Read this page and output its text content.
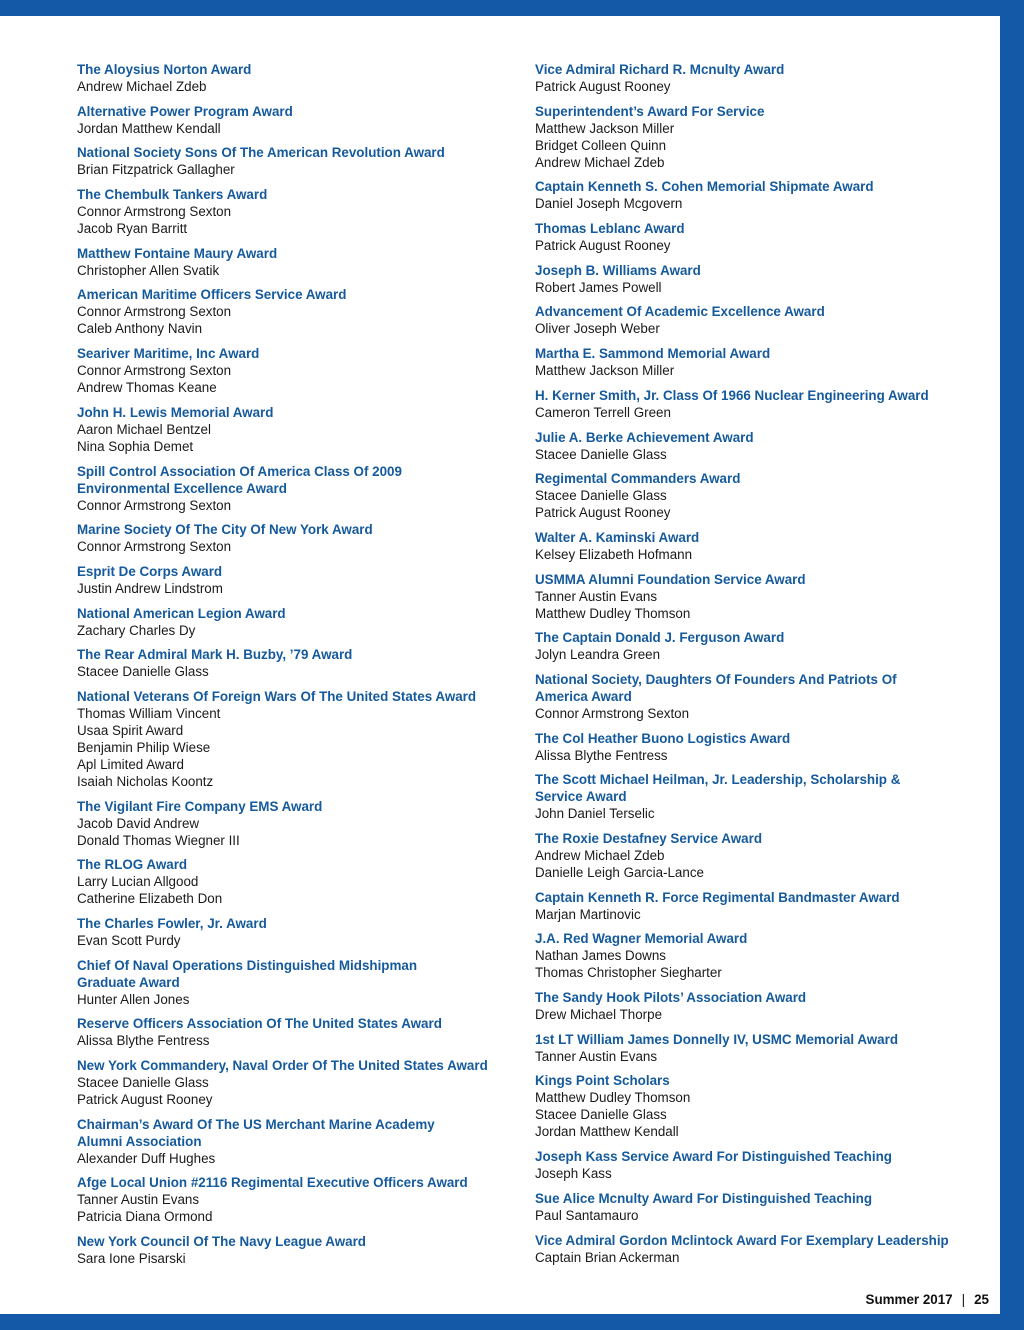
The Aloysius Norton Award
Andrew Michael Zdeb
Alternative Power Program Award
Jordan Matthew Kendall
National Society Sons Of The American Revolution Award
Brian Fitzpatrick Gallagher
The Chembulk Tankers Award
Connor Armstrong Sexton
Jacob Ryan Barritt
Matthew Fontaine Maury Award
Christopher Allen Svatik
American Maritime Officers Service Award
Connor Armstrong Sexton
Caleb Anthony Navin
Seariver Maritime, Inc Award
Connor Armstrong Sexton
Andrew Thomas Keane
John H. Lewis Memorial Award
Aaron Michael Bentzel
Nina Sophia Demet
Spill Control Association Of America Class Of 2009
Environmental Excellence Award
Connor Armstrong Sexton
Marine Society Of The City Of New York Award
Connor Armstrong Sexton
Esprit De Corps Award
Justin Andrew Lindstrom
National American Legion Award
Zachary Charles Dy
The Rear Admiral Mark H. Buzby, ’79 Award
Stacee Danielle Glass
National Veterans Of Foreign Wars Of The United States Award
Thomas William Vincent
Usaa Spirit Award
Benjamin Philip Wiese
Apl Limited Award
Isaiah Nicholas Koontz
The Vigilant Fire Company EMS Award
Jacob David Andrew
Donald Thomas Wiegner III
The RLOG Award
Larry Lucian Allgood
Catherine Elizabeth Don
The Charles Fowler, Jr. Award
Evan Scott Purdy
Chief Of Naval Operations Distinguished Midshipman
Graduate Award
Hunter Allen Jones
Reserve Officers Association Of The United States Award
Alissa Blythe Fentress
New York Commandery, Naval Order Of The United States Award
Stacee Danielle Glass
Patrick August Rooney
Chairman’s Award Of The US Merchant Marine Academy
Alumni Association
Alexander Duff Hughes
Afge Local Union #2116 Regimental Executive Officers Award
Tanner Austin Evans
Patricia Diana Ormond
New York Council Of The Navy League Award
Sara Ione Pisarski
Vice Admiral Richard R. Mcnulty Award
Patrick August Rooney
Superintendent’s Award For Service
Matthew Jackson Miller
Bridget Colleen Quinn
Andrew Michael Zdeb
Captain Kenneth S. Cohen Memorial Shipmate Award
Daniel Joseph Mcgovern
Thomas Leblanc Award
Patrick August Rooney
Joseph B. Williams Award
Robert James Powell
Advancement Of Academic Excellence Award
Oliver Joseph Weber
Martha E. Sammond Memorial Award
Matthew Jackson Miller
H. Kerner Smith, Jr. Class Of 1966 Nuclear Engineering Award
Cameron Terrell Green
Julie A. Berke Achievement Award
Stacee Danielle Glass
Regimental Commanders Award
Stacee Danielle Glass
Patrick August Rooney
Walter A. Kaminski Award
Kelsey Elizabeth Hofmann
USMMA Alumni Foundation Service Award
Tanner Austin Evans
Matthew Dudley Thomson
The Captain Donald J. Ferguson Award
Jolyn Leandra Green
National Society, Daughters Of Founders And Patriots Of
America Award
Connor Armstrong Sexton
The Col Heather Buono Logistics Award
Alissa Blythe Fentress
The Scott Michael Heilman, Jr. Leadership, Scholarship &
Service Award
John Daniel Terselic
The Roxie Destafney Service Award
Andrew Michael Zdeb
Danielle Leigh Garcia-Lance
Captain Kenneth R. Force Regimental Bandmaster Award
Marjan Martinovic
J.A. Red Wagner Memorial Award
Nathan James Downs
Thomas Christopher Siegharter
The Sandy Hook Pilots’ Association Award
Drew Michael Thorpe
1st LT William James Donnelly IV, USMC Memorial Award
Tanner Austin Evans
Kings Point Scholars
Matthew Dudley Thomson
Stacee Danielle Glass
Jordan Matthew Kendall
Joseph Kass Service Award For Distinguished Teaching
Joseph Kass
Sue Alice Mcnulty Award For Distinguished Teaching
Paul Santamauro
Vice Admiral Gordon Mclintock Award For Exemplary Leadership
Captain Brian Ackerman
Summer 2017 | 25
